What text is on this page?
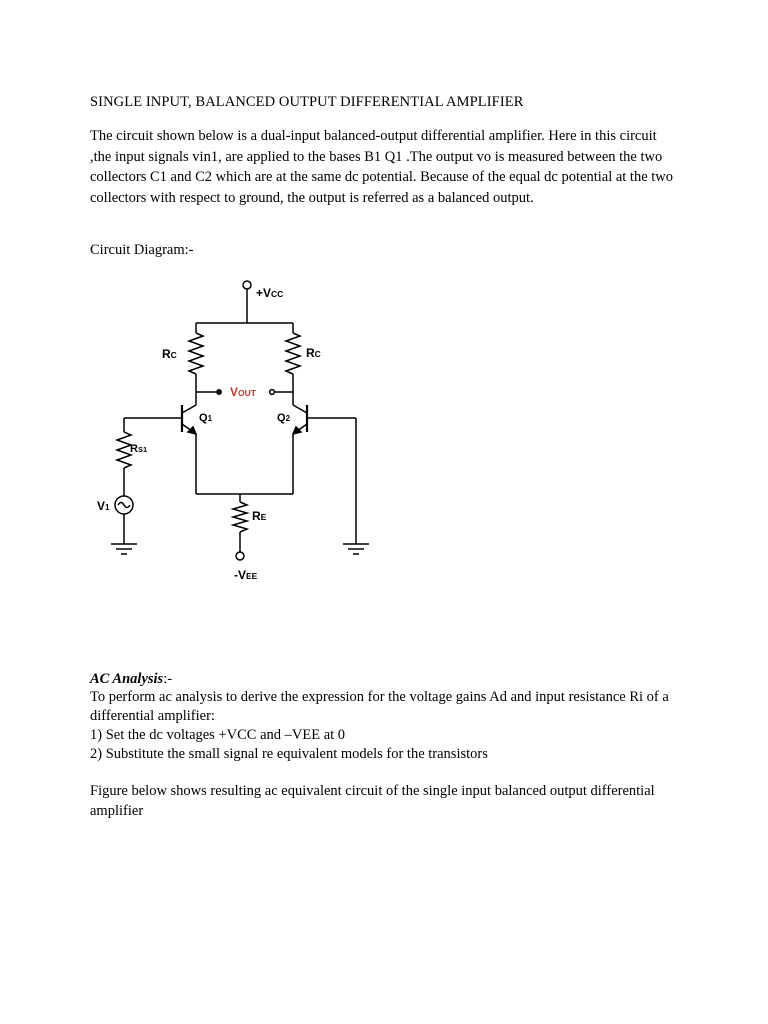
SINGLE INPUT, BALANCED OUTPUT DIFFERENTIAL AMPLIFIER
The circuit shown below is a dual-input balanced-output differential amplifier. Here in this circuit ,the input signals vin1, are applied to the bases B1 Q1 .The output vo is measured between the two collectors C1 and C2 which are at the same dc potential. Because of the equal dc potential at the two collectors with respect to ground, the output is referred as a balanced output.
Circuit Diagram:-
AC Analysis:-
To perform ac analysis to derive the expression for the voltage gains Ad and input resistance Ri of a differential amplifier:
1) Set the dc voltages +VCC and –VEE at 0
2) Substitute the small signal re equivalent models for the transistors
Figure below shows resulting ac equivalent circuit of the single input balanced output differential amplifier
+VCC
RC	RC
VOUT
Q1	Q2
RS1
V1
RE
-VEE
